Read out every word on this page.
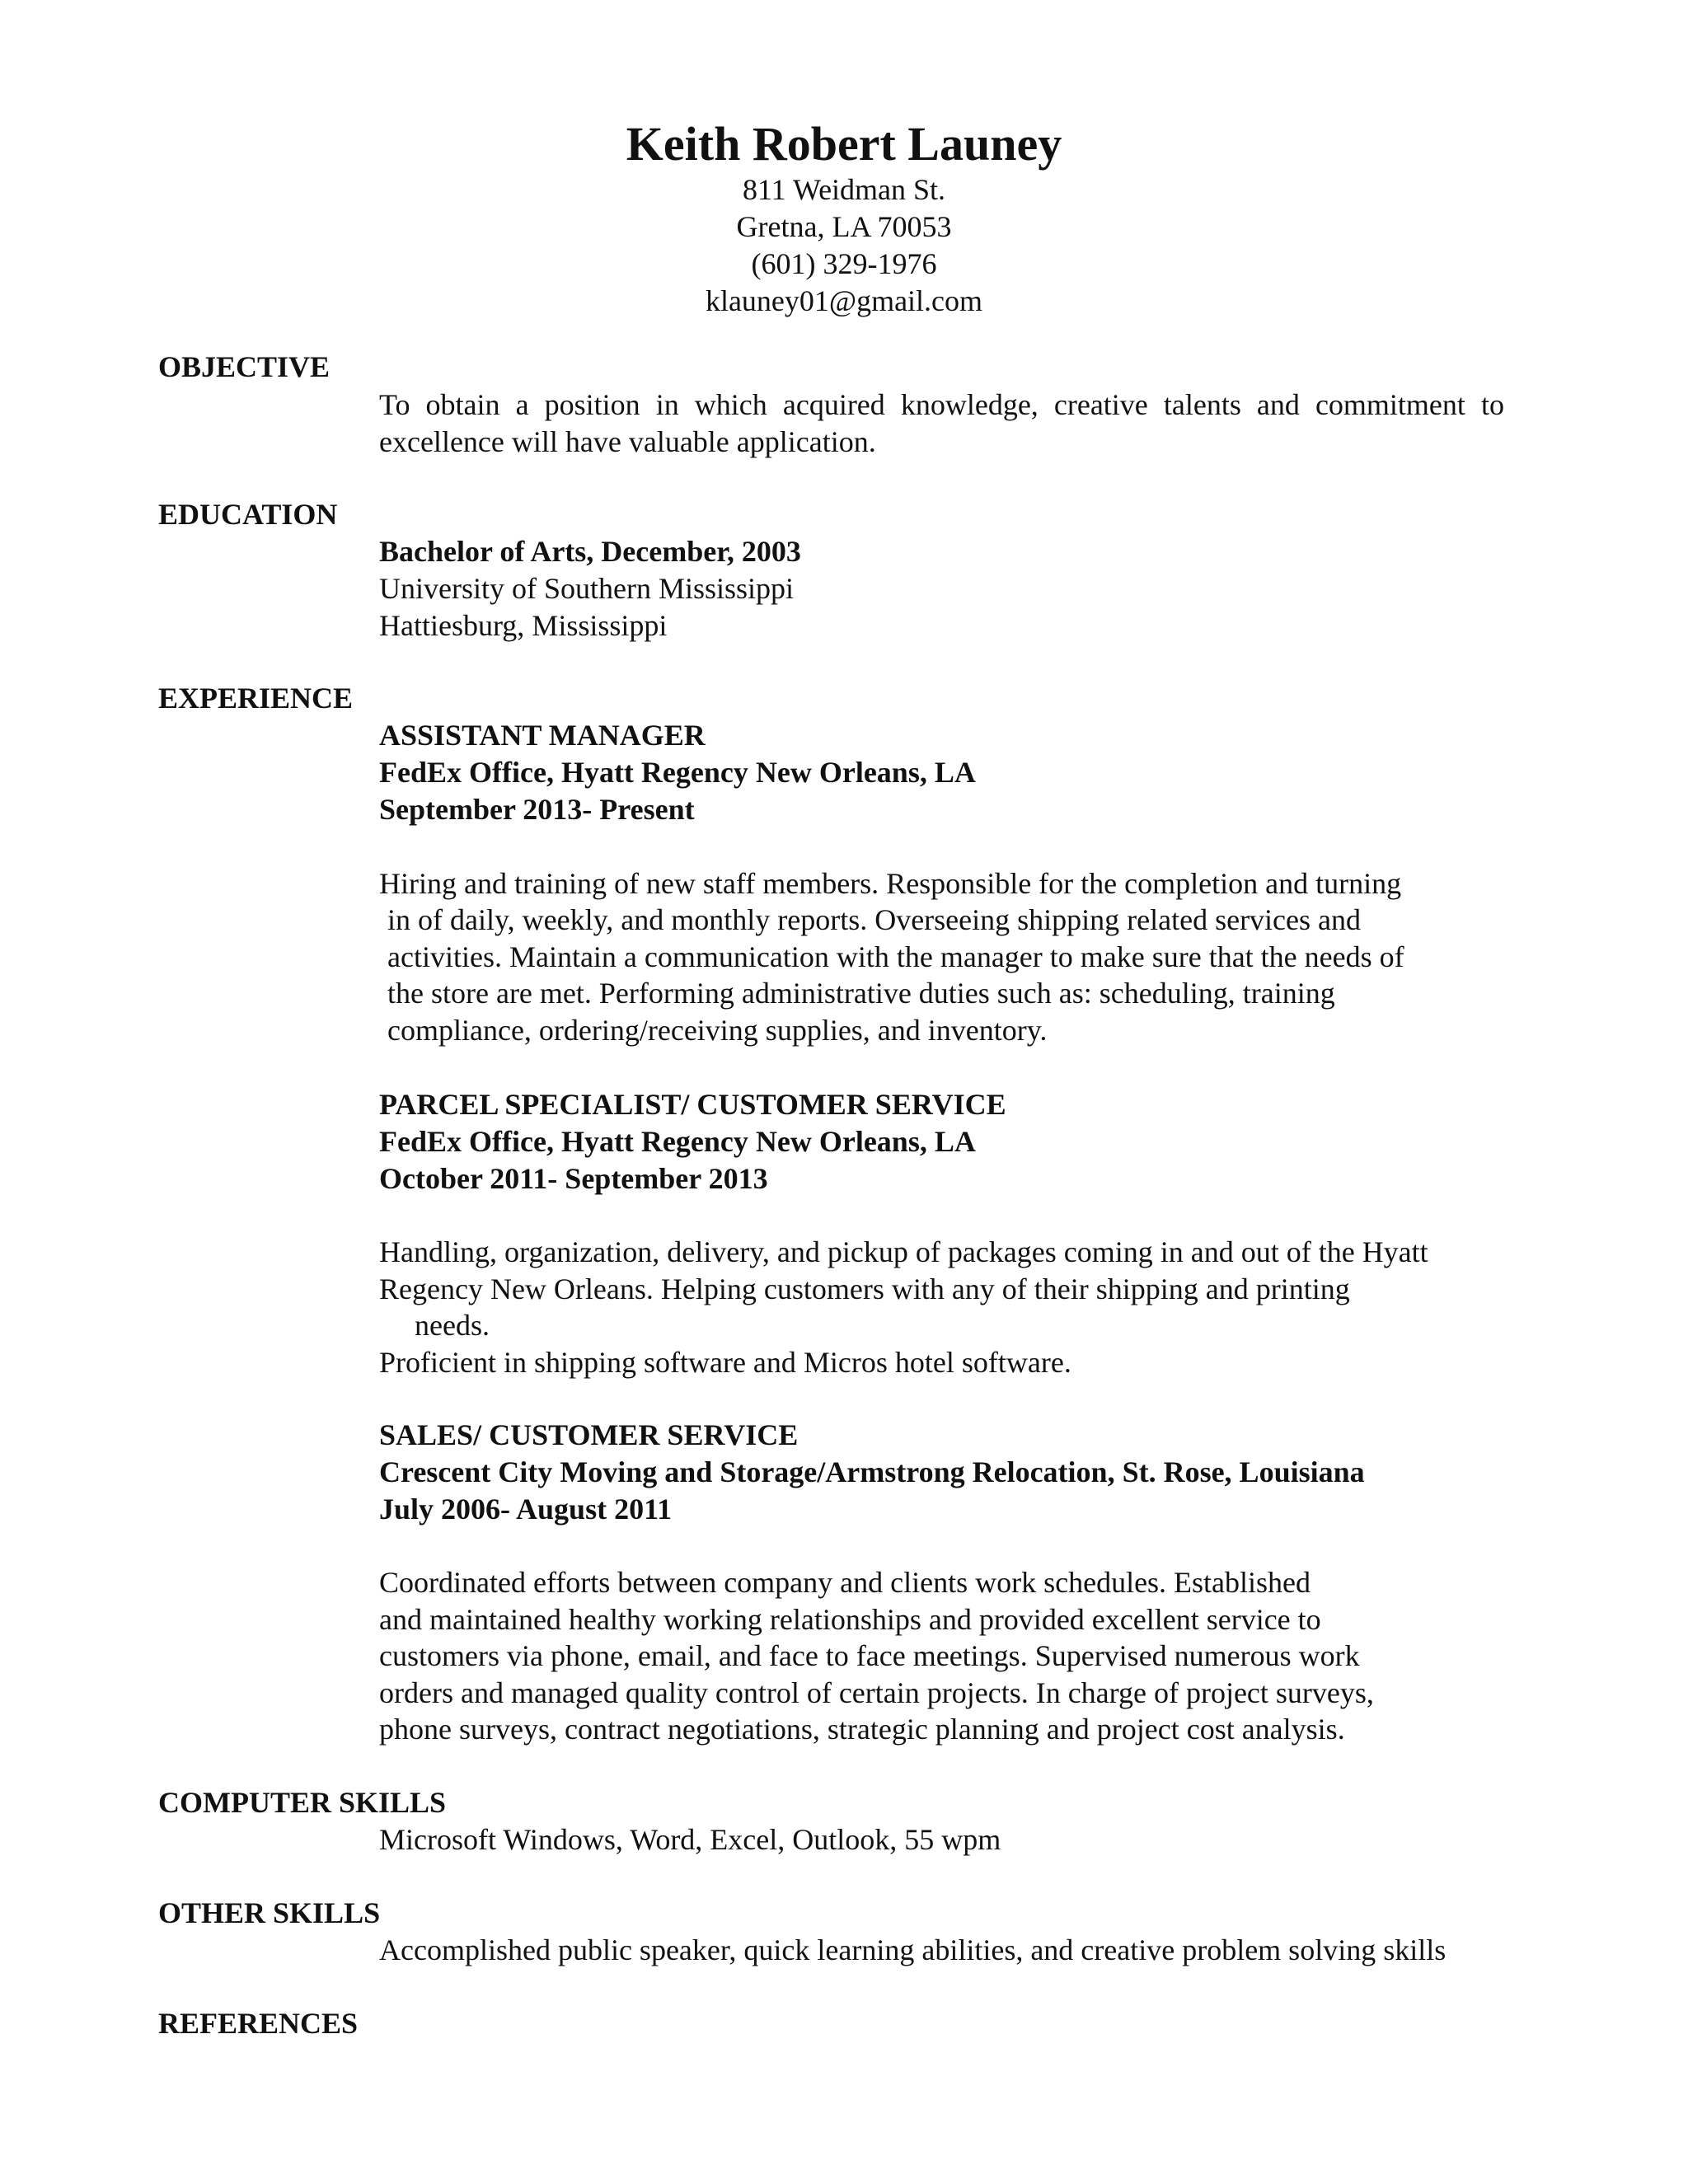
Keith Robert Launey
811 Weidman St.
Gretna, LA 70053
(601) 329-1976
klauney01@gmail.com
OBJECTIVE
To obtain a position in which acquired knowledge, creative talents and commitment to
excellence will have valuable application.
EDUCATION
Bachelor of Arts, December, 2003
University of Southern Mississippi
Hattiesburg, Mississippi
EXPERIENCE
ASSISTANT MANAGER
FedEx Office, Hyatt Regency New Orleans, LA
September 2013- Present
Hiring and training of new staff members. Responsible for the completion and turning
in of daily, weekly, and monthly reports. Overseeing shipping related services and
activities. Maintain a communication with the manager to make sure that the needs of
the store are met. Performing administrative duties such as: scheduling, training
compliance, ordering/receiving supplies, and inventory.
PARCEL SPECIALIST/ CUSTOMER SERVICE
FedEx Office, Hyatt Regency New Orleans, LA
October 2011- September 2013
Handling, organization, delivery, and pickup of packages coming in and out of the Hyatt
Regency New Orleans. Helping customers with any of their shipping and printing
needs.
Proficient in shipping software and Micros hotel software.
SALES/ CUSTOMER SERVICE
Crescent City Moving and Storage/Armstrong Relocation, St. Rose, Louisiana
July 2006- August 2011
Coordinated efforts between company and clients work schedules. Established
and maintained healthy working relationships and provided excellent service to
customers via phone, email, and face to face meetings. Supervised numerous work
orders and managed quality control of certain projects. In charge of project surveys,
phone surveys, contract negotiations, strategic planning and project cost analysis.
COMPUTER SKILLS
Microsoft Windows, Word, Excel, Outlook, 55 wpm
OTHER SKILLS
Accomplished public speaker, quick learning abilities, and creative problem solving skills
REFERENCES
